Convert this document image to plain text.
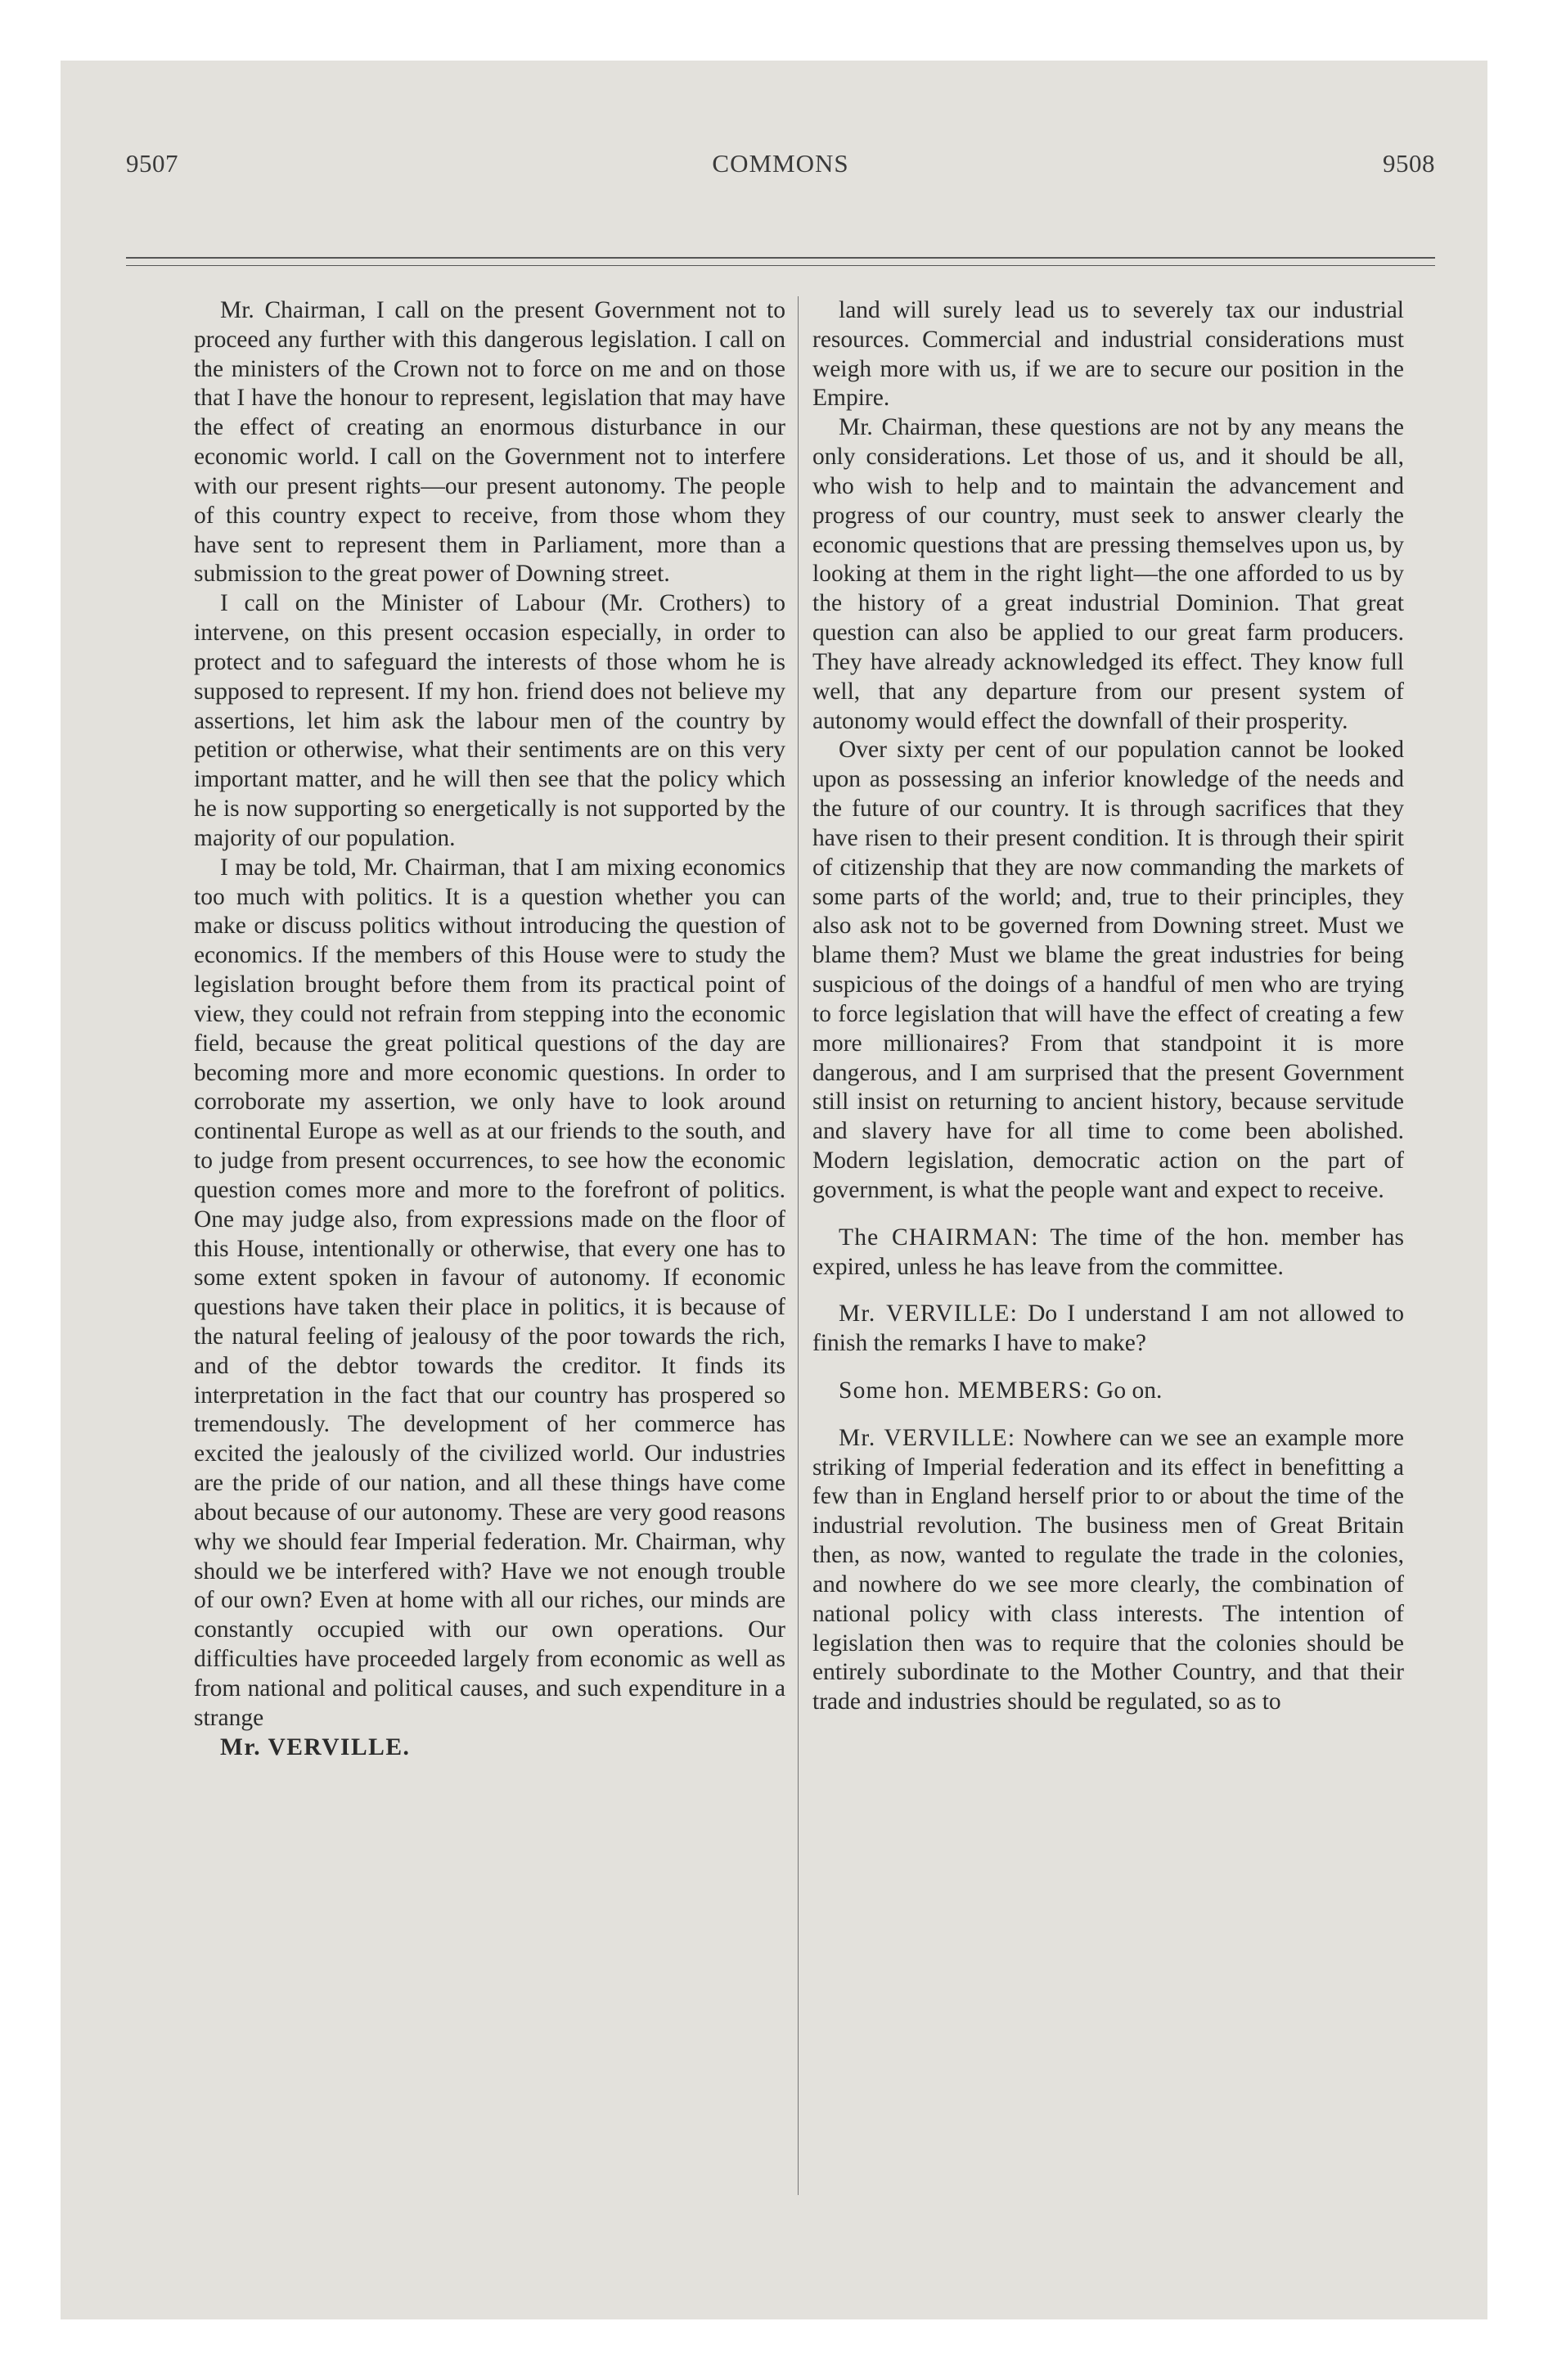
9507	COMMONS	9508

Mr. Chairman, I call on the present Government not to proceed any further with this dangerous legislation. I call on the ministers of the Crown not to force on me and on those that I have the honour to represent, legislation that may have the effect of creating an enormous disturbance in our economic world. I call on the Government not to interfere with our present rights—our present autonomy. The people of this country expect to receive, from those whom they have sent to represent them in Parliament, more than a submission to the great power of Downing street.

I call on the Minister of Labour (Mr. Crothers) to intervene, on this present occasion especially, in order to protect and to safeguard the interests of those whom he is supposed to represent. If my hon. friend does not believe my assertions, let him ask the labour men of the country by petition or otherwise, what their sentiments are on this very important matter, and he will then see that the policy which he is now supporting so energetically is not supported by the majority of our population.

I may be told, Mr. Chairman, that I am mixing economics too much with politics. It is a question whether you can make or discuss politics without introducing the question of economics. If the members of this House were to study the legislation brought before them from its practical point of view, they could not refrain from stepping into the economic field, because the great political questions of the day are becoming more and more economic questions. In order to corroborate my assertion, we only have to look around continental Europe as well as at our friends to the south, and to judge from present occurrences, to see how the economic question comes more and more to the forefront of politics. One may judge also, from expressions made on the floor of this House, intentionally or otherwise, that every one has to some extent spoken in favour of autonomy. If economic questions have taken their place in politics, it is because of the natural feeling of jealousy of the poor towards the rich, and of the debtor towards the creditor. It finds its interpretation in the fact that our country has prospered so tremendously. The development of her commerce has excited the jealously of the civilized world. Our industries are the pride of our nation, and all these things have come about because of our autonomy. These are very good reasons why we should fear Imperial federation. Mr. Chairman, why should we be interfered with? Have we not enough trouble of our own? Even at home with all our riches, our minds are constantly occupied with our own operations. Our difficulties have proceeded largely from economic as well as from national and political causes, and such expenditure in a strange

Mr. VERVILLE.

land will surely lead us to severely tax our industrial resources. Commercial and industrial considerations must weigh more with us, if we are to secure our position in the Empire.

Mr. Chairman, these questions are not by any means the only considerations. Let those of us, and it should be all, who wish to help and to maintain the advancement and progress of our country, must seek to answer clearly the economic questions that are pressing themselves upon us, by looking at them in the right light—the one afforded to us by the history of a great industrial Dominion. That great question can also be applied to our great farm producers. They have already acknowledged its effect. They know full well, that any departure from our present system of autonomy would effect the downfall of their prosperity.

Over sixty per cent of our population cannot be looked upon as possessing an inferior knowledge of the needs and the future of our country. It is through sacrifices that they have risen to their present condition. It is through their spirit of citizenship that they are now commanding the markets of some parts of the world; and, true to their principles, they also ask not to be governed from Downing street. Must we blame them? Must we blame the great industries for being suspicious of the doings of a handful of men who are trying to force legislation that will have the effect of creating a few more millionaires? From that standpoint it is more dangerous, and I am surprised that the present Government still insist on returning to ancient history, because servitude and slavery have for all time to come been abolished. Modern legislation, democratic action on the part of government, is what the people want and expect to receive.

The CHAIRMAN: The time of the hon. member has expired, unless he has leave from the committee.

Mr. VERVILLE: Do I understand I am not allowed to finish the remarks I have to make?

Some hon. MEMBERS: Go on.

Mr. VERVILLE: Nowhere can we see an example more striking of Imperial federation and its effect in benefitting a few than in England herself prior to or about the time of the industrial revolution. The business men of Great Britain then, as now, wanted to regulate the trade in the colonies, and nowhere do we see more clearly, the combination of national policy with class interests. The intention of legislation then was to require that the colonies should be entirely subordinate to the Mother Country, and that their trade and industries should be regulated, so as to
